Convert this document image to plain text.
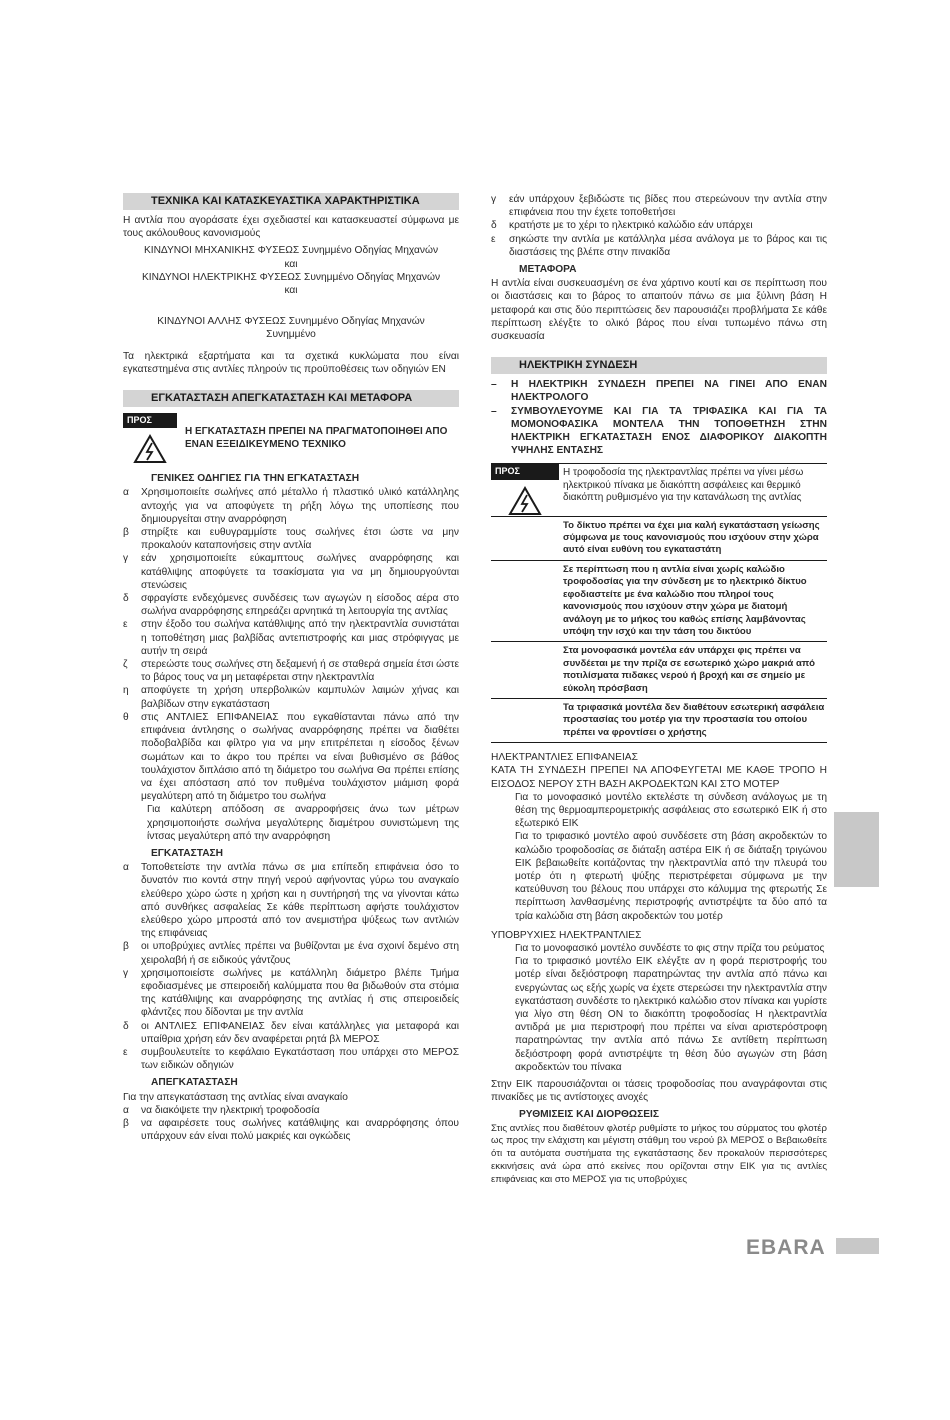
ΤΕΧΝΙΚΑ ΚΑΙ ΚΑΤΑΣΚΕΥΑΣΤΙΚΑ ΧΑΡΑΚΤΗΡΙΣΤΙΚΑ

Η αντλία που αγοράσατε έχει σχεδιαστεί και κατασκευαστεί σύμφωνα με τους ακόλουθους κανονισμούς

ΚΙΝΔΥΝΟΙ ΜΗΧΑΝΙΚΗΣ ΦΥΣΕΩΣ Συνημμένο Οδηγίας Μηχανών

και

ΚΙΝΔΥΝΟΙ ΗΛΕΚΤΡΙΚΗΣ ΦΥΣΕΩΣ Συνημμένο Οδηγίας Μηχανών

και

ΚΙΝΔΥΝΟΙ ΑΛΛΗΣ ΦΥΣΕΩΣ Συνημμένο Οδηγίας Μηχανών

Συνημμένο

Τα ηλεκτρικά εξαρτήματα και τα σχετικά κυκλώματα που είναι εγκατεστημένα στις αντλίες πληρούν τις προϋποθέσεις των οδηγιών EN

ΕΓΚΑΤΑΣΤΑΣΗ ΑΠΕΓΚΑΤΑΣΤΑΣΗ ΚΑΙ ΜΕΤΑΦΟΡΑ
ΠΡΟΣ
Η ΕΓΚΑΤΑΣΤΑΣΗ ΠΡΕΠΕΙ ΝΑ ΠΡΑΓΜΑΤΟΠΟΙΗΘΕΙ ΑΠΟ ΕΝΑΝ ΕΞΕΙΔΙΚΕΥΜΕΝΟ ΤΕΧΝΙΚΟ
ΓΕΝΙΚΕΣ ΟΔΗΓΙΕΣ ΓΙΑ ΤΗΝ ΕΓΚΑΤΑΣΤΑΣΗ
α	Χρησιμοποιείτε σωλήνες από μέταλλο ή πλαστικό υλικό κατάλληλης αντοχής για να αποφύγετε τη ρήξη λόγω της υποπίεσης που δημιουργείται στην αναρρόφηση
β	στηρίξτε και ευθυγραμμίστε τους σωλήνες έτσι ώστε να μην προκαλούν καταπονήσεις στην αντλία
γ	εάν χρησιμοποιείτε εύκαμπτους σωλήνες αναρρόφησης και κατάθλιψης αποφύγετε τα τσακίσματα για να μη δημιουργούνται στενώσεις
δ	σφραγίστε ενδεχόμενες συνδέσεις των αγωγών η είσοδος αέρα στο σωλήνα αναρρόφησης επηρεάζει αρνητικά τη λειτουργία της αντλίας
ε	στην έξοδο του σωλήνα κατάθλιψης από την ηλεκτραντλία συνιστάται η τοποθέτηση μιας βαλβίδας αντεπιστροφής και μιας στρόφιγγας με αυτήν τη σειρά
ζ	στερεώστε τους σωλήνες στη δεξαμενή ή σε σταθερά σημεία έτσι ώστε το βάρος τους να μη μεταφέρεται στην ηλεκτραντλία
η	αποφύγετε τη χρήση υπερβολικών καμπυλών λαιμών χήνας και βαλβίδων στην εγκατάσταση
θ	στις ΑΝΤΛΙΕΣ ΕΠΙΦΑΝΕΙΑΣ που εγκαθίστανται πάνω από την επιφάνεια άντλησης ο σωλήνας αναρρόφησης πρέπει να διαθέτει ποδοβαλβίδα και φίλτρο για να μην επιτρέπεται η είσοδος ξένων σωμάτων και το άκρο του πρέπει να είναι βυθισμένο σε βάθος τουλάχιστον διπλάσιο από τη διάμετρο του σωλήνα Θα πρέπει επίσης να έχει απόσταση από τον πυθμένα τουλάχιστον μιάμιση φορά μεγαλύτερη από τη διάμετρο του σωλήνα

Για καλύτερη απόδοση σε αναρροφήσεις άνω των μέτρων χρησιμοποιήστε σωλήνα μεγαλύτερης διαμέτρου συνιστώμενη της ίντσας μεγαλύτερη από την αναρρόφηση

ΕΓΚΑΤΑΣΤΑΣΗ
α	Τοποθετείστε την αντλία πάνω σε μια επίπεδη επιφάνεια όσο το δυνατόν πιο κοντά στην πηγή νερού αφήνοντας γύρω του αναγκαίο ελεύθερο χώρο ώστε η χρήση και η συντήρησή της να γίνονται κάτω από συνθήκες ασφαλείας Σε κάθε περίπτωση αφήστε τουλάχιστον ελεύθερο χώρο μπροστά από τον ανεμιστήρα ψύξεως των αντλιών της επιφάνειας
β	οι υποβρύχιες αντλίες πρέπει να βυθίζονται με ένα σχοινί δεμένο στη χειρολαβή ή σε ειδικούς γάντζους
γ	χρησιμοποιείστε σωλήνες με κατάλληλη διάμετρο βλέπε Τμήμα εφοδιασμένες με σπειροειδή καλύμματα που θα βιδωθούν στα στόμια της κατάθλιψης και αναρρόφησης της αντλίας ή στις σπειροειδείς φλάντζες που δίδονται με την αντλία
δ	οι ΑΝΤΛΙΕΣ ΕΠΙΦΑΝΕΙΑΣ δεν είναι κατάλληλες για μεταφορά και υπαίθρια χρήση εάν δεν αναφέρεται ρητά βλ ΜΕΡΟΣ
ε	συμβουλευτείτε το κεφάλαιο Εγκατάσταση που υπάρχει στο ΜΕΡΟΣ των ειδικών οδηγιών
ΑΠΕΓΚΑΤΑΣΤΑΣΗ

Για την απεγκατάσταση της αντλίας είναι αναγκαίο

α	να διακόψετε την ηλεκτρική τροφοδοσία
β	να αφαιρέσετε τους σωλήνες κατάθλιψης και αναρρόφησης όπου υπάρχουν εάν είναι πολύ μακριές και ογκώδεις
γ	εάν υπάρχουν ξεβιδώστε τις βίδες που στερεώνουν την αντλία στην επιφάνεια που την έχετε τοποθετήσει
δ	κρατήστε με το χέρι το ηλεκτρικό καλώδιο εάν υπάρχει
ε	σηκώστε την αντλία με κατάλληλα μέσα ανάλογα με το βάρος και τις διαστάσεις της βλέπε στην πινακίδα
ΜΕΤΑΦΟΡΑ

Η αντλία είναι συσκευασμένη σε ένα χάρτινο κουτί και σε περίπτωση που οι διαστάσεις και το βάρος το απαιτούν πάνω σε μια ξύλινη βάση Η μεταφορά και στις δύο περιπτώσεις δεν παρουσιάζει προβλήματα Σε κάθε περίπτωση ελέγξτε το ολικό βάρος που είναι τυπωμένο πάνω στη συσκευασία

ΗΛΕΚΤΡΙΚΗ ΣΥΝΔΕΣΗ
–	Η ΗΛΕΚΤΡΙΚΗ ΣΥΝΔΕΣΗ ΠΡΕΠΕΙ ΝΑ ΓΙΝΕΙ ΑΠΟ ΕΝΑΝ ΗΛΕΚΤΡΟΛΟΓΟ
–	ΣΥΜΒΟΥΛΕΥΟΥΜΕ ΚΑΙ ΓΙΑ ΤΑ ΤΡΙΦΑΣΙΚΑ ΚΑΙ ΓΙΑ ΤΑ ΜΟΜΟΝΟΦΑΣΙΚΑ ΜΟΝΤΕΛΑ ΤΗΝ ΤΟΠΟΘΕΤΗΣΗ ΣΤΗΝ ΗΛΕΚΤΡΙΚΗ ΕΓΚΑΤΑΣΤΑΣΗ ΕΝΟΣ ΔΙΑΦΟΡΙΚΟΥ ΔΙΑΚΟΠΤΗ ΥΨΗΛΗΣ ΕΝΤΑΣΗΣ
ΠΡΟΣ	Η τροφοδοσία της ηλεκτραντλίας πρέπει να γίνει μέσω ηλεκτρικού πίνακα με διακόπτη ασφάλειες και θερμικό διακόπτη ρυθμισμένο για την κατανάλωση της αντλίας
Το δίκτυο πρέπει να έχει μια καλή εγκατάσταση γείωσης σύμφωνα με τους κανονισμούς που ισχύουν στην χώρα αυτό είναι ευθύνη του εγκαταστάτη
Σε περίπτωση που η αντλία είναι χωρίς καλώδιο τροφοδοσίας για την σύνδεση με το ηλεκτρικό δίκτυο εφοδιαστείτε με ένα καλώδιο που πληροί τους κανονισμούς που ισχύουν στην χώρα με διατομή ανάλογη με το μήκος του καθώς επίσης λαμβάνοντας υπόψη την ισχύ και την τάση του δικτύου
Στα μονοφασικά μοντέλα εάν υπάρχει φις πρέπει να συνδέεται με την πρίζα σε εσωτερικό χώρο μακριά από ποτιλίσματα πιδακες νερού ή βροχή και σε σημείο με εύκολη πρόσβαση
Τα τριφασικά μοντέλα δεν διαθέτουν εσωτερική ασφάλεια προστασίας του μοτέρ για την προστασία του οποίου πρέπει να φροντίσει ο χρήστης

ΗΛΕΚΤΡΑΝΤΛΙΕΣ ΕΠΙΦΑΝΕΙΑΣ

ΚΑΤΑ ΤΗ ΣΥΝΔΕΣΗ ΠΡΕΠΕΙ ΝΑ ΑΠΟΦΕΥΓΕΤΑΙ ΜΕ ΚΑΘΕ ΤΡΟΠΟ Η ΕΙΣΟΔΟΣ ΝΕΡΟΥ ΣΤΗ ΒΑΣΗ ΑΚΡΟΔΕΚΤΩΝ ΚΑΙ ΣΤΟ ΜΟΤΕΡ

Για το μονοφασικό μοντέλο εκτελέστε τη σύνδεση ανάλογως με τη θέση της θερμοαμπερομετρικής ασφάλειας στο εσωτερικό ΕΙΚ ή στο εξωτερικό ΕΙΚ

Για το τριφασικό μοντέλο αφού συνδέσετε στη βάση ακροδεκτών το καλώδιο τροφοδοσίας σε διάταξη αστέρα ΕΙΚ ή σε διάταξη τριγώνου ΕΙΚ βεβαιωθείτε κοιτάζοντας την ηλεκτραντλία από την πλευρά του μοτέρ ότι η φτερωτή ψύξης περιστρέφεται σύμφωνα με την κατεύθυνση του βέλους που υπάρχει στο κάλυμμα της φτερωτής Σε περίπτωση λανθασμένης περιστροφής αντιστρέψτε τα δύο από τα τρία καλώδια στη βάση ακροδεκτών του μοτέρ

ΥΠΟΒΡΥΧΙΕΣ ΗΛΕΚΤΡΑΝΤΛΙΕΣ

Για το μονοφασικό μοντέλο συνδέστε το φις στην πρίζα του ρεύματος

Για το τριφασικό μοντέλο ΕΙΚ ελέγξτε αν η φορά περιστροφής του μοτέρ είναι δεξιόστροφη παρατηρώντας την αντλία από πάνω και ενεργώντας ως εξής χωρίς να έχετε στερεώσει την ηλεκτραντλία στην εγκατάσταση συνδέστε το ηλεκτρικό καλώδιο στον πίνακα και γυρίστε για λίγο στη θέση ON το διακόπτη τροφοδοσίας Η ηλεκτραντλία αντιδρά με μια περιστροφή που πρέπει να είναι αριστερόστροφη παρατηρώντας την αντλία από πάνω Σε αντίθετη περίπτωση δεξιόστροφη φορά αντιστρέψτε τη θέση δύο αγωγών στη βάση ακροδεκτών του πίνακα

Στην ΕΙΚ παρουσιάζονται οι τάσεις τροφοδοσίας που αναγράφονται στις πινακίδες με τις αντίστοιχες ανοχές

ΡΥΘΜΙΣΕΙΣ ΚΑΙ ΔΙΟΡΘΩΣΕΙΣ

Στις αντλίες που διαθέτουν φλοτέρ ρυθμίστε το μήκος του σύρματος του φλοτέρ ως προς την ελάχιστη και μέγιστη στάθμη του νερού βλ ΜΕΡΟΣ ο Βεβαιωθείτε ότι τα αυτόματα συστήματα της εγκατάστασης δεν προκαλούν περισσότερες εκκινήσεις ανά ώρα από εκείνες που ορίζονται στην ΕΙΚ για τις αντλίες επιφάνειας και στο ΜΕΡΟΣ για τις υποβρύχιες

EBARA
